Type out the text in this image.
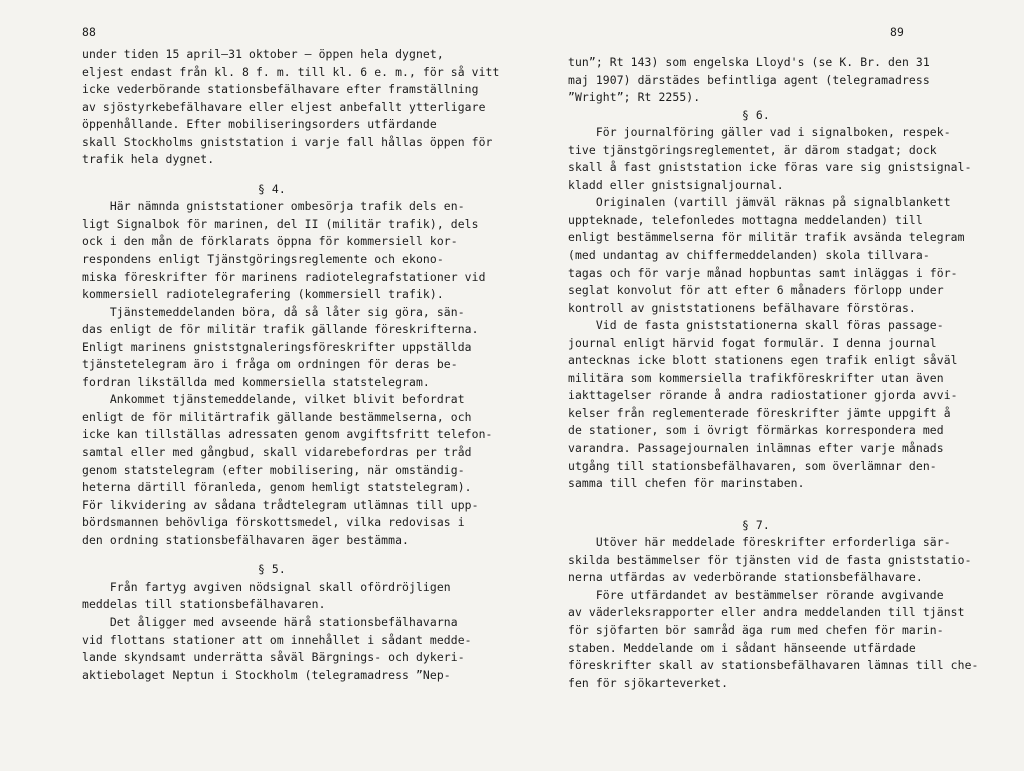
88
under tiden 15 april—31 oktober — öppen hela dygnet,
eljest endast från kl. 8 f. m. till kl. 6 e. m., för så vitt
icke vederbörande stationsbefälhavare efter framställning
av sjöstyrkebefälhavare eller eljest anbefallt ytterligare
öppenhållande. Efter mobiliseringsorders utfärdande
skall Stockholms gniststation i varje fall hållas öppen för
trafik hela dygnet.
§ 4.
Här nämnda gniststationer ombesörja trafik dels en-
ligt Signalbok för marinen, del II (militär trafik), dels
ock i den mån de förklarats öppna för kommersiell kor-
respondens enligt Tjänstgöringsreglemente och ekono-
miska föreskrifter för marinens radiotelegrafstationer vid
kommersiell radiotelegrafering (kommersiell trafik).
Tjänstemeddelanden böra, då så låter sig göra, sän-
das enligt de för militär trafik gällande föreskrifterna.
Enligt marinens gniststgnaleringsföreskrifter uppställda
tjänstetelegram äro i fråga om ordningen för deras be-
fordran likställda med kommersiella statstelegram.
Ankommet tjänstemeddelande, vilket blivit befordrat
enligt de för militärtrafik gällande bestämmelserna, och
icke kan tillställas adressaten genom avgiftsfritt telefon-
samtal eller med gångbud, skall vidarebefordras per tråd
genom statstelegram (efter mobilisering, när omständig-
heterna därtill föranleda, genom hemligt statstelegram).
För likvidering av sådana trådtelegram utlämnas till upp-
bördsmannen behövliga förskottsmedel, vilka redovisas i
den ordning stationsbefälhavaren äger bestämma.
§ 5.
Från fartyg avgiven nödsignal skall ofördröjligen
meddelas till stationsbefälhavaren.
Det åligger med avseende härå stationsbefälhavarna
vid flottans stationer att om innehållet i sådant medde-
lande skyndsamt underrätta såväl Bärgnings- och dykeri-
aktiebolaget Neptun i Stockholm (telegramadress ”Nep-
89
tun”; Rt 143) som engelska Lloyd's (se K. Br. den 31
maj 1907) därstädes befintliga agent (telegramadress
”Wright”; Rt 2255).
§ 6.
För journalföring gäller vad i signalboken, respek-
tive tjänstgöringsreglementet, är därom stadgat; dock
skall å fast gniststation icke föras vare sig gnistsignal-
kladd eller gnistsignaljournal.
Originalen (vartill jämväl räknas på signalblankett
uppteknade, telefonledes mottagna meddelanden) till
enligt bestämmelserna för militär trafik avsända telegram
(med undantag av chiffermeddelanden) skola tillvara-
tagas och för varje månad hopbuntas samt inläggas i för-
seglat konvolut för att efter 6 månaders förlopp under
kontroll av gniststationens befälhavare förstöras.
Vid de fasta gniststationerna skall föras passage-
journal enligt härvid fogat formulär. I denna journal
antecknas icke blott stationens egen trafik enligt såväl
militära som kommersiella trafikföreskrifter utan även
iakttagelser rörande å andra radiostationer gjorda avvi-
kelser från reglementerade föreskrifter jämte uppgift å
de stationer, som i övrigt förmärkas korrespondera med
varandra. Passagejournalen inlämnas efter varje månads
utgång till stationsbefälhavaren, som överlämnar den-
samma till chefen för marinstaben.
§ 7.
Utöver här meddelade föreskrifter erforderliga sär-
skilda bestämmelser för tjänsten vid de fasta gniststatio-
nerna utfärdas av vederbörande stationsbefälhavare.
Före utfärdandet av bestämmelser rörande avgivande
av väderleksrapporter eller andra meddelanden till tjänst
för sjöfarten bör samråd äga rum med chefen för marin-
staben. Meddelande om i sådant hänseende utfärdade
föreskrifter skall av stationsbefälhavaren lämnas till che-
fen för sjökarteverket.
